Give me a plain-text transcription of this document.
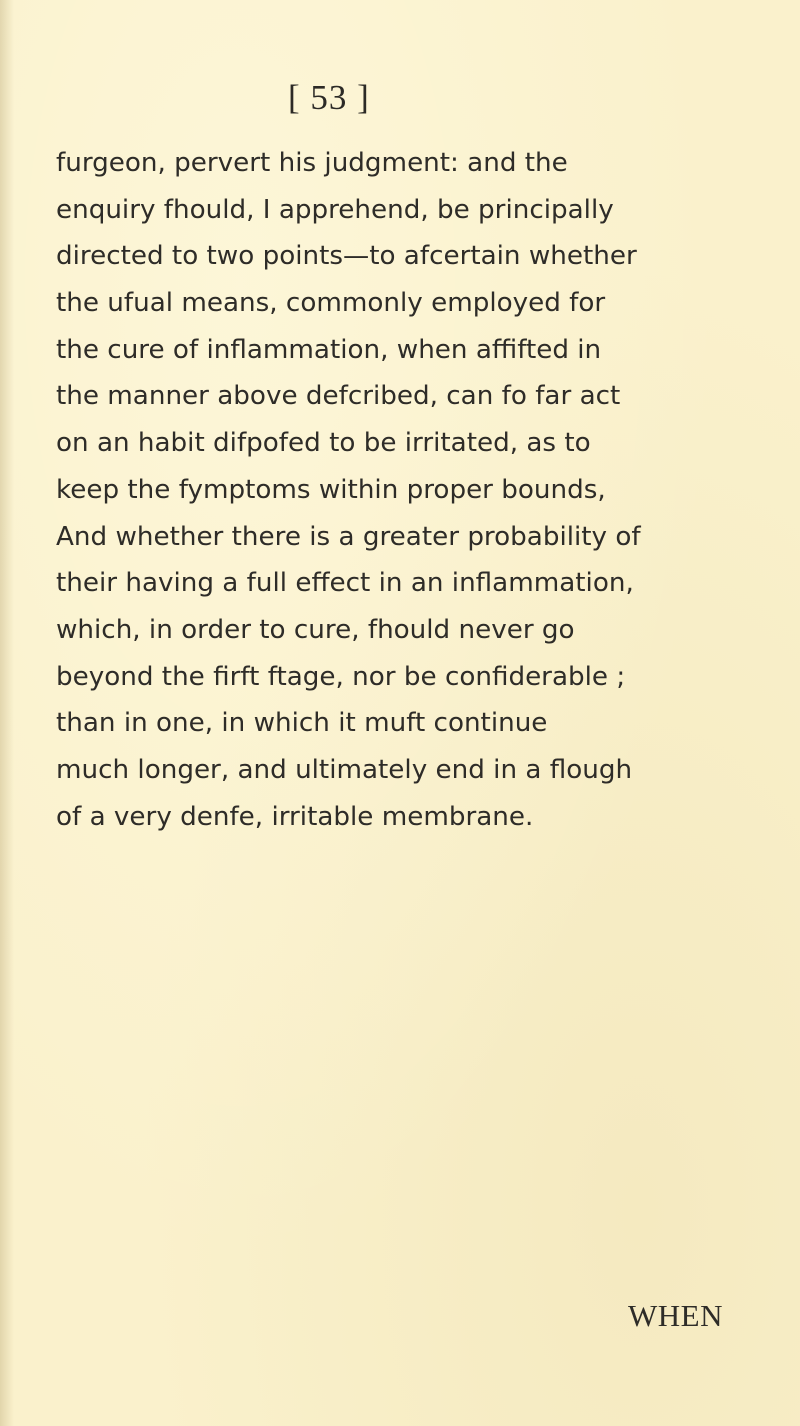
[ 53 ]
furgeon, pervert his judgment: and the
enquiry fhould, I apprehend, be principally
directed to two points—to afcertain whether
the ufual means, commonly employed for
the cure of inflammation, when affifted in
the manner above defcribed, can fo far act
on an habit difpofed to be irritated, as to
keep the fymptoms within proper bounds,
And whether there is a greater probability of
their having a full effect in an inflammation,
which, in order to cure, fhould never go
beyond the firft ftage, nor be confiderable ;
than in one, in which it muft continue
much longer, and ultimately end in a flough
of a very denfe, irritable membrane.
WHEN
